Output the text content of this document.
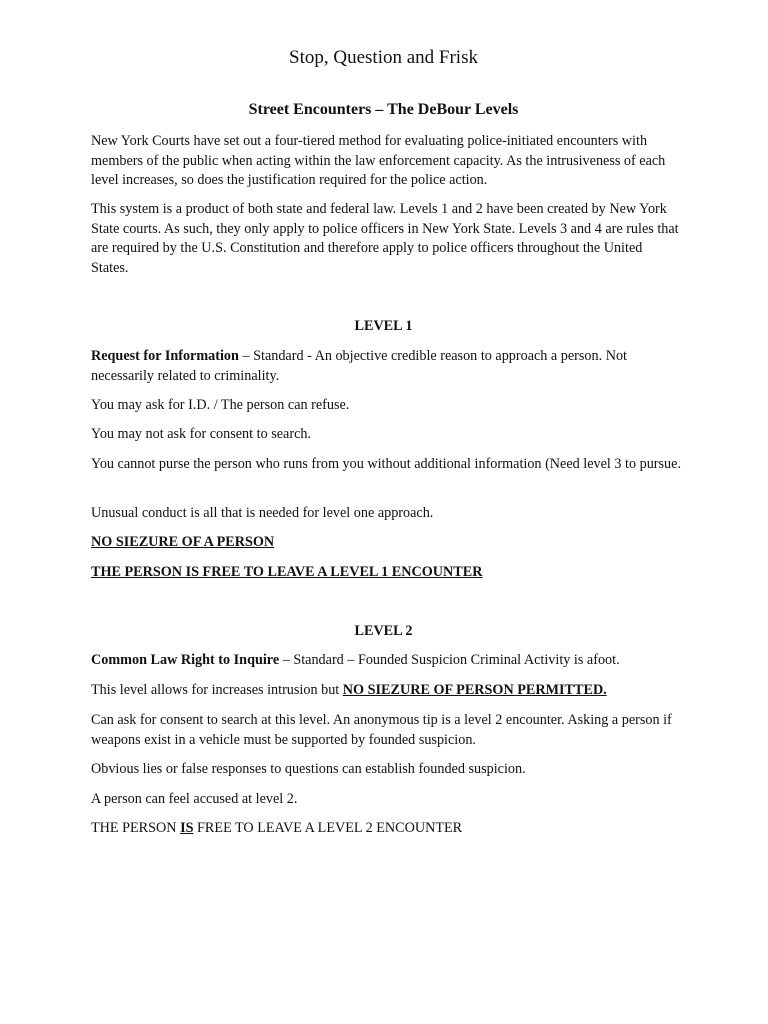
Stop, Question and Frisk
Street Encounters – The DeBour Levels

New York Courts have set out a four-tiered method for evaluating police-initiated encounters with members of the public when acting within the law enforcement capacity. As the intrusiveness of each level increases, so does the justification required for the police action.

This system is a product of both state and federal law. Levels 1 and 2 have been created by New York State courts. As such, they only apply to police officers in New York State. Levels 3 and 4 are rules that are required by the U.S. Constitution and therefore apply to police officers throughout the United States.

LEVEL 1

Request for Information – Standard - An objective credible reason to approach a person. Not necessarily related to criminality.

You may ask for I.D. / The person can refuse.

You may not ask for consent to search.

You cannot purse the person who runs from you without additional information (Need level 3 to pursue.

Unusual conduct is all that is needed for level one approach.

NO SIEZURE OF A PERSON

THE PERSON IS FREE TO LEAVE A LEVEL 1 ENCOUNTER

LEVEL 2

Common Law Right to Inquire – Standard – Founded Suspicion Criminal Activity is afoot.

This level allows for increases intrusion but NO SIEZURE OF PERSON PERMITTED.

Can ask for consent to search at this level. An anonymous tip is a level 2 encounter. Asking a person if weapons exist in a vehicle must be supported by founded suspicion.

Obvious lies or false responses to questions can establish founded suspicion.

A person can feel accused at level 2.

THE PERSON IS FREE TO LEAVE A LEVEL 2 ENCOUNTER
